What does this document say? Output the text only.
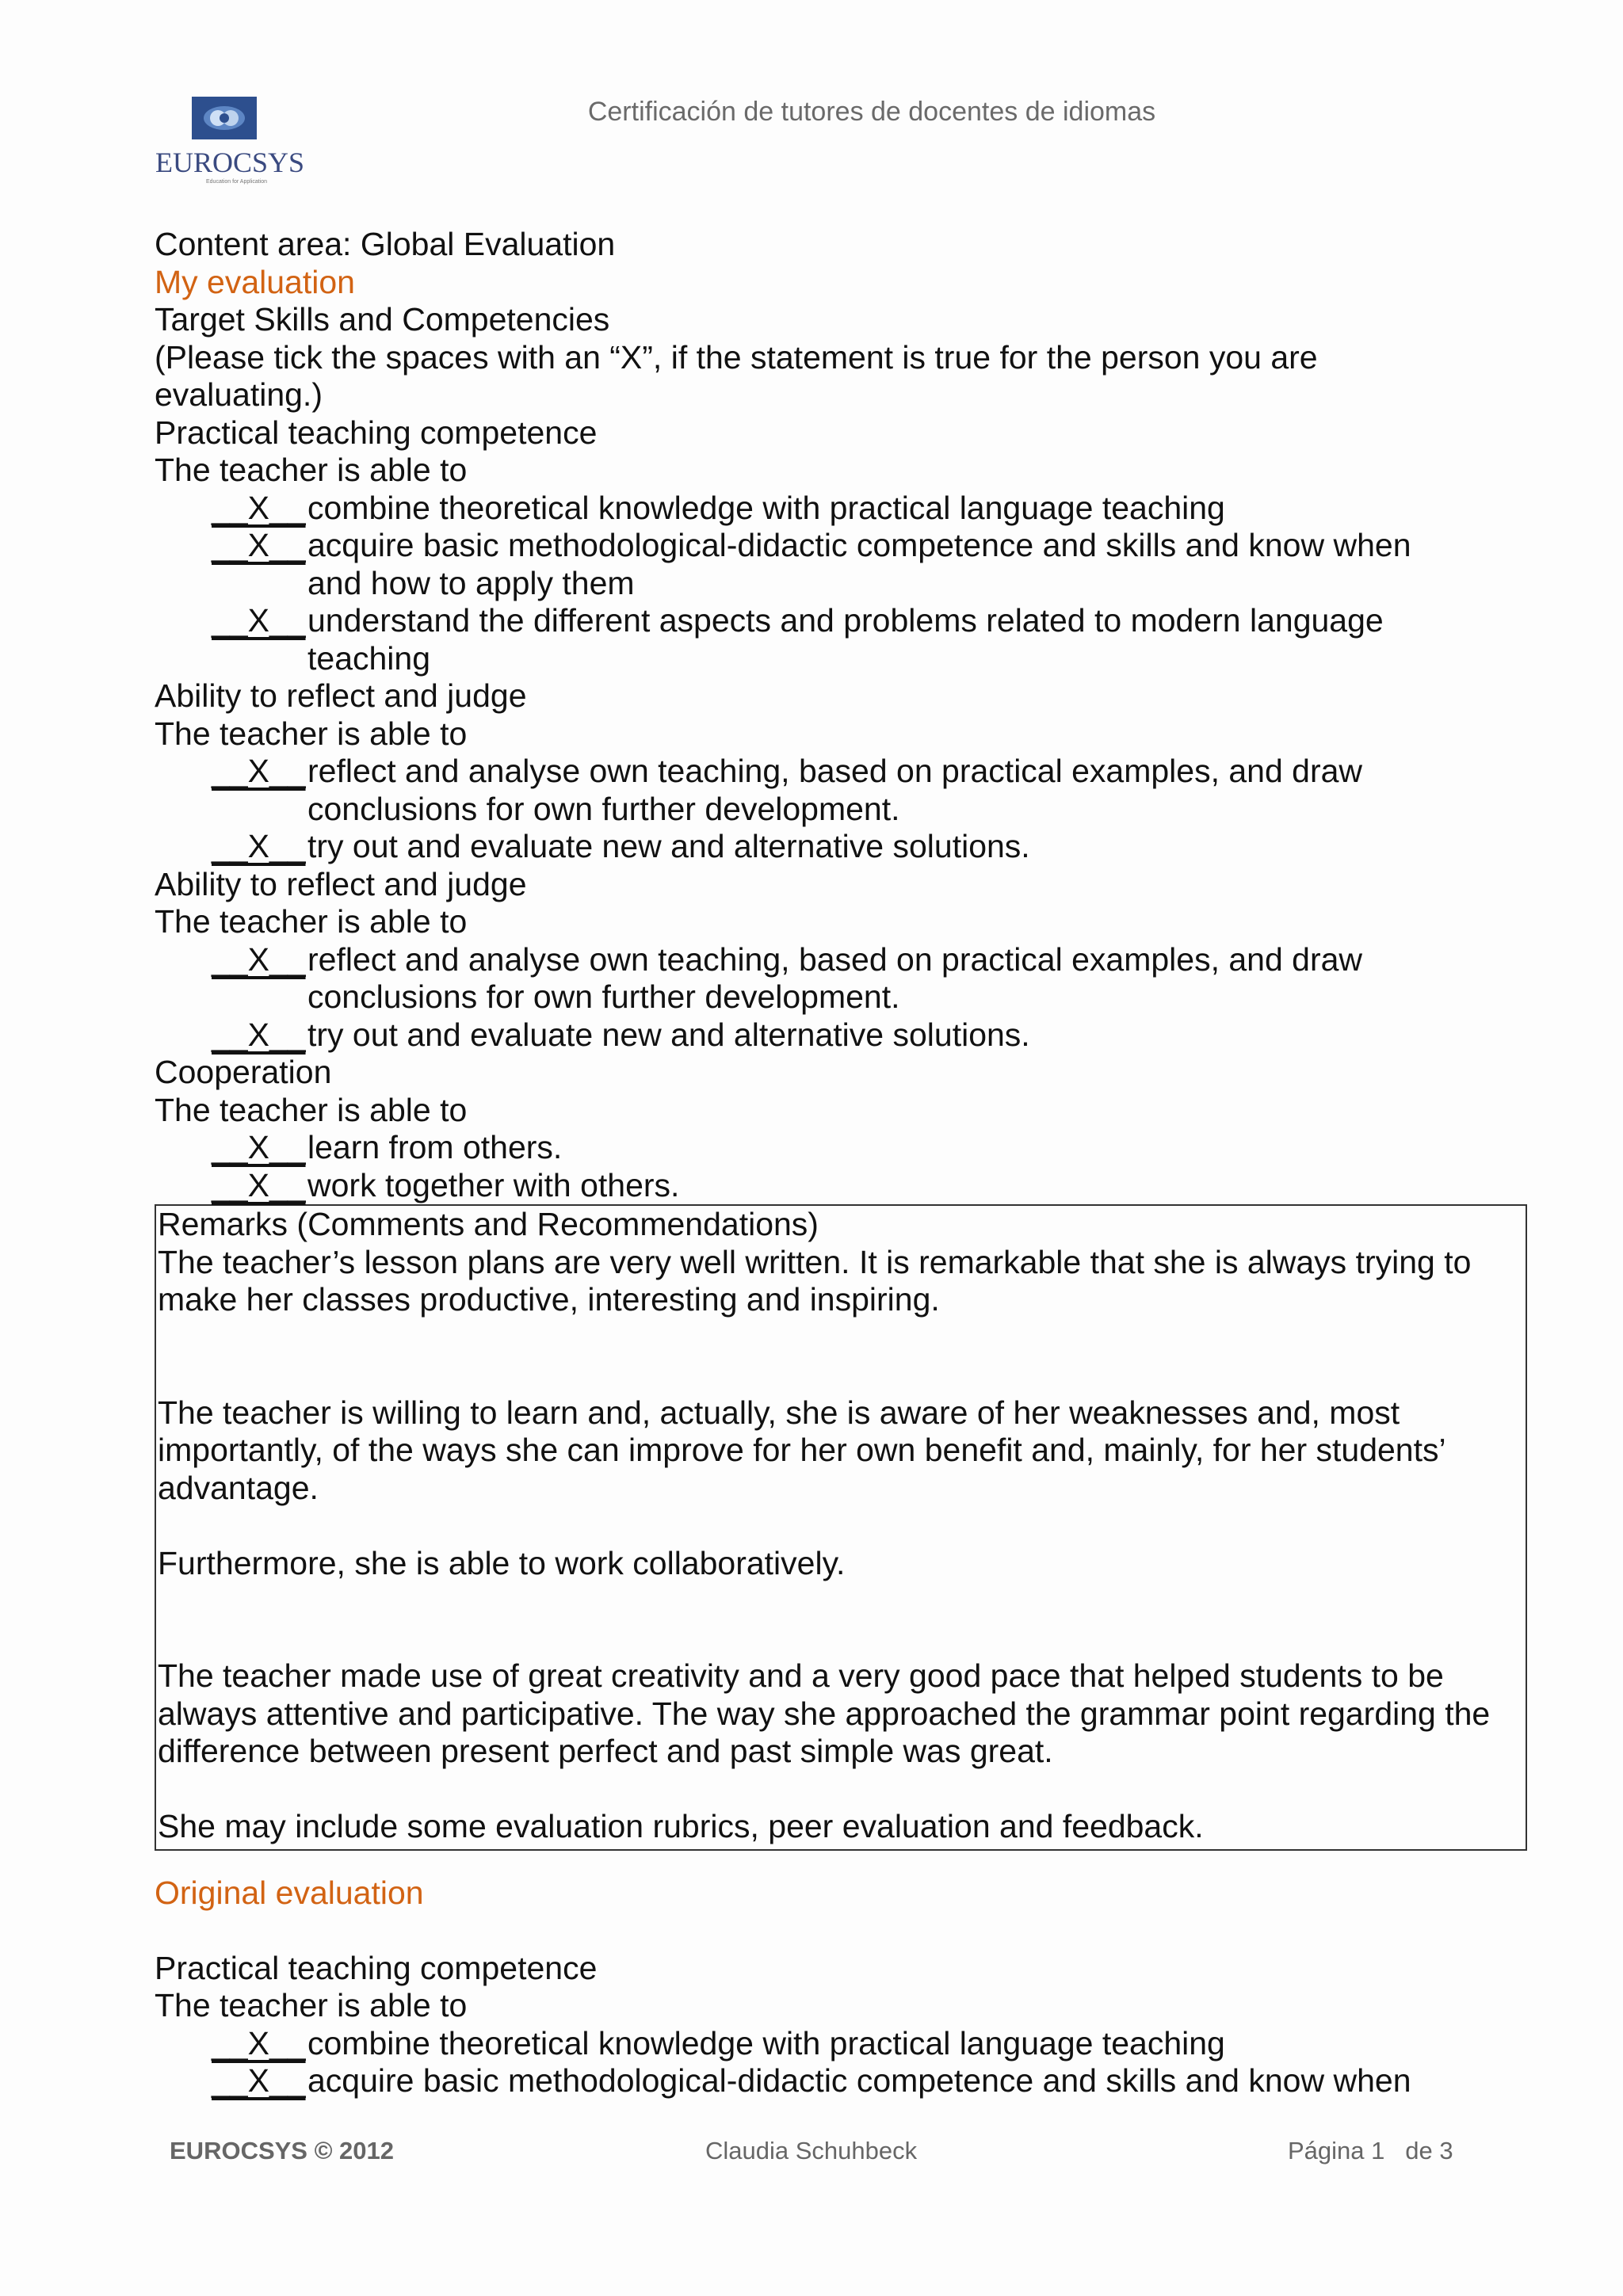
EUROCSYS
Education for Application
Certificación de tutores de docentes de idiomas
Content area: Global Evaluation
My evaluation
Target Skills and Competencies
(Please tick the spaces with an “X”, if the statement is true for the person you are
evaluating.)
Practical teaching competence
The teacher is able to
__X__ combine theoretical knowledge with practical language teaching
__X__ acquire basic methodological-didactic competence and skills and know when
and how to apply them
__X__ understand the different aspects and problems related to modern language
teaching
Ability to reflect and judge
The teacher is able to
__X__ reflect and analyse own teaching, based on practical examples, and draw
conclusions for own further development.
__X__ try out and evaluate new and alternative solutions.
Ability to reflect and judge
The teacher is able to
__X__ reflect and analyse own teaching, based on practical examples, and draw
conclusions for own further development.
__X__ try out and evaluate new and alternative solutions.
Cooperation
The teacher is able to
__X__ learn from others.
__X__ work together with others.
Remarks (Comments and Recommendations)
The teacher’s lesson plans are very well written. It is remarkable that she is always trying to
make her classes productive, interesting and inspiring.
The teacher is willing to learn and, actually, she is aware of her weaknesses and, most
importantly, of the ways she can improve for her own benefit and, mainly, for her students’
advantage.
Furthermore, she is able to work collaboratively.
The teacher made use of great creativity and a very good pace that helped students to be
always attentive and participative. The way she approached the grammar point regarding the
difference between present perfect and past simple was great.
She may include some evaluation rubrics, peer evaluation and feedback.
Original evaluation
Practical teaching competence
The teacher is able to
__X__ combine theoretical knowledge with practical language teaching
__X__ acquire basic methodological-didactic competence and skills and know when
EUROCSYS © 2012	Claudia Schuhbeck	Página 1   de 3
